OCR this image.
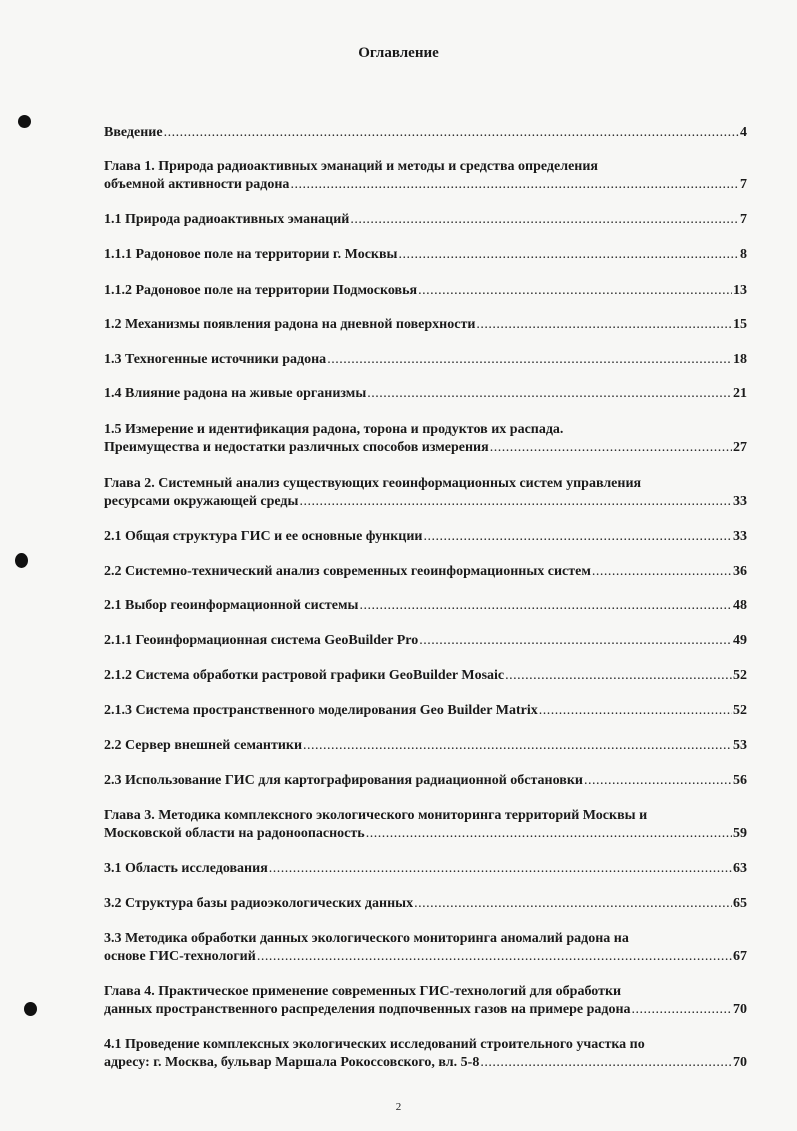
Оглавление
Введение .....	4
Глава 1. Природа радиоактивных эманаций и методы и средства определения
объемной активности радона .....	7
1.1 Природа радиоактивных эманаций .....	7
1.1.1 Радоновое поле на территории г. Москвы .....	8
1.1.2 Радоновое поле на территории Подмосковья .....	13
1.2 Механизмы появления радона на дневной поверхности .....	15
1.3 Техногенные источники радона .....	18
1.4 Влияние радона на живые организмы .....	21
1.5 Измерение и идентификация радона, торона и продуктов их распада.
Преимущества и недостатки различных способов измерения .....	27
Глава 2. Системный анализ существующих геоинформационных систем управления
ресурсами окружающей среды .....	33
2.1 Общая структура ГИС и ее основные функции .....	33
2.2 Системно-технический анализ современных геоинформационных систем .....	36
2.1 Выбор геоинформационной системы .....	48
2.1.1 Геоинформационная система GeoBuilder Pro .....	49
2.1.2 Система обработки растровой графики GeoBuilder Mosaic .....	52
2.1.3 Система пространственного моделирования Geo Builder Matrix .....	52
2.2 Сервер внешней семантики .....	53
2.3 Использование ГИС для картографирования радиационной обстановки .....	56
Глава 3. Методика комплексного экологического мониторинга территорий Москвы и
Московской области на радоноопасность .....	59
3.1 Область исследования .....	63
3.2 Структура базы радиоэкологических данных .....	65
3.3 Методика обработки данных экологического мониторинга аномалий радона на
основе ГИС-технологий .....	67
Глава 4. Практическое применение современных ГИС-технологий для обработки
данных пространственного распределения подпочвенных газов на примере радона .....	70
4.1 Проведение комплексных экологических исследований строительного участка по
адресу: г. Москва, бульвар Маршала Рокоссовского, вл. 5-8 .....	70
2
